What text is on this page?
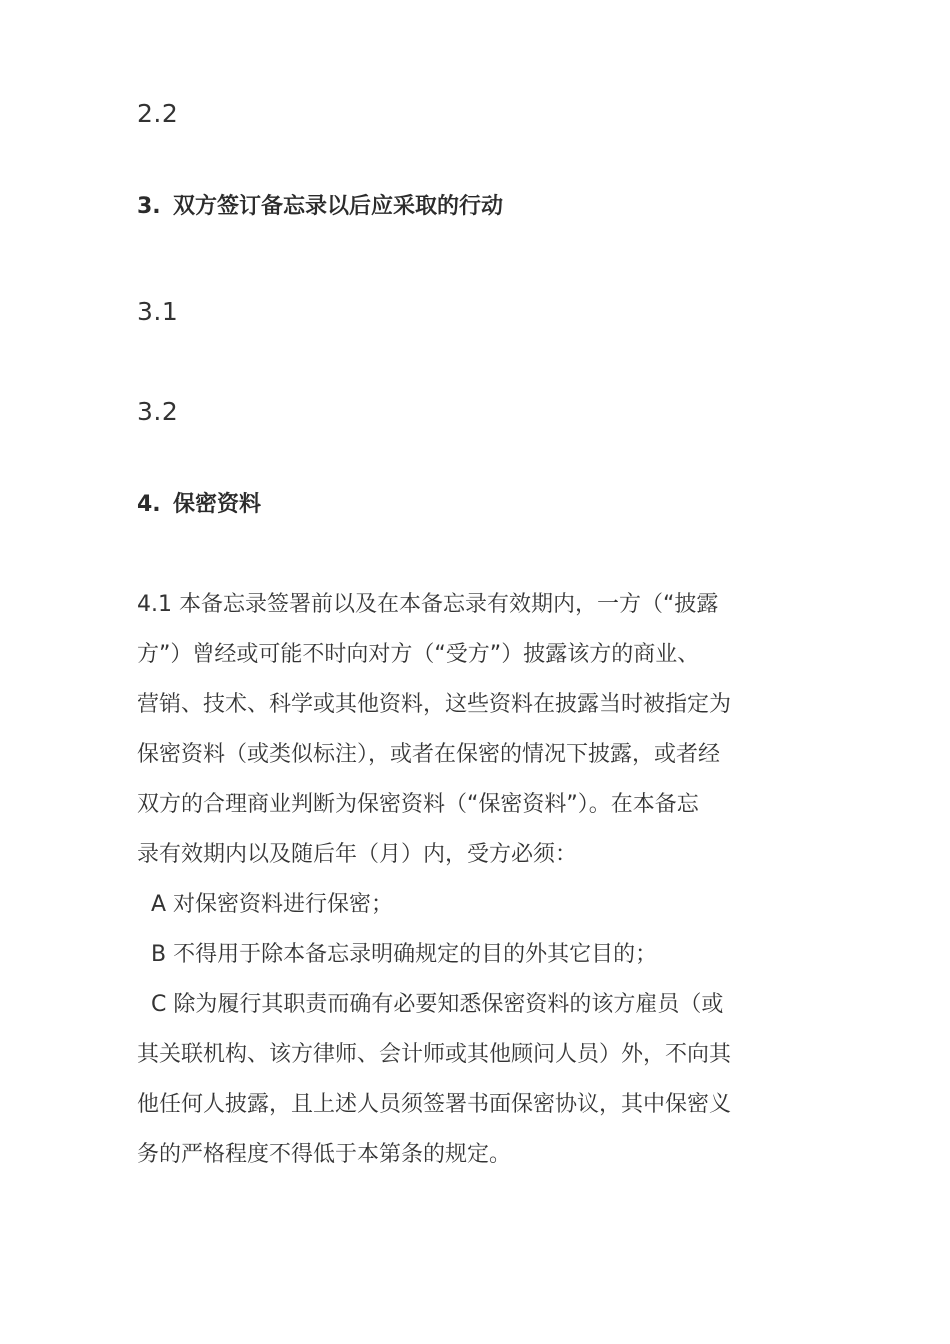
2.2
3. 双方签订备忘录以后应采取的行动
3.1
3.2
4. 保密资料
4.1 本备忘录签署前以及在本备忘录有效期内，一方（“披露
方”）曾经或可能不时向对方（“受方”）披露该方的商业、
营销、技术、科学或其他资料，这些资料在披露当时被指定为
保密资料（或类似标注），或者在保密的情况下披露，或者经
双方的合理商业判断为保密资料（“保密资料”）。在本备忘
录有效期内以及随后年（月）内，受方必须：
A 对保密资料进行保密；
B 不得用于除本备忘录明确规定的目的外其它目的；
C 除为履行其职责而确有必要知悉保密资料的该方雇员（或
其关联机构、该方律师、会计师或其他顾问人员）外，不向其
他任何人披露，且上述人员须签署书面保密协议，其中保密义
务的严格程度不得低于本第条的规定。
